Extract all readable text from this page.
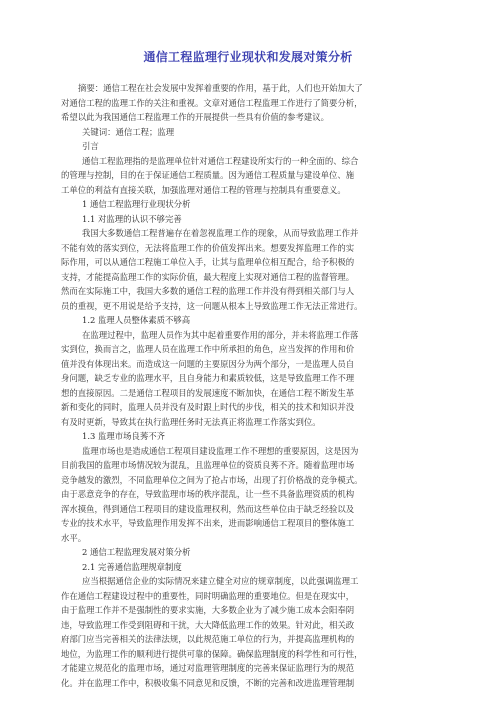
通信工程监理行业现状和发展对策分析
摘要：通信工程在社会发展中发挥着重要的作用，基于此，人们也开始加大了
对通信工程的监理工作的关注和重视。文章对通信工程监理工作进行了简要分析，
希望以此为我国通信工程监理工作的开展提供一些具有价值的参考建议。
关键词：通信工程；监理
引言
通信工程监理指的是监理单位针对通信工程建设所实行的一种全面的、综合
的管理与控制，目的在于保证通信工程质量。因为通信工程质量与建设单位、施
工单位的利益有直接关联，加强监理对通信工程的管理与控制具有重要意义。
1 通信工程监理行业现状分析
1.1 对监理的认识不够完善
我国大多数通信工程普遍存在着忽视监理工作的现象，从而导致监理工作并
不能有效的落实到位，无法将监理工作的价值发挥出来。想要发挥监理工作的实
际作用，可以从通信工程施工单位入手，让其与监理单位相互配合，给予积极的
支持，才能提高监理工作的实际价值，最大程度上实现对通信工程的监督管理。
然而在实际施工中，我国大多数的通信工程的监理工作并没有得到相关部门与人
员的重视，更不用说是给予支持，这一问题从根本上导致监理工作无法正常进行。
1.2 监理人员整体素质不够高
在监理过程中，监理人员作为其中起着重要作用的部分，并未将监理工作落
实到位，换而言之，监理人员在监理工作中所承担的角色，应当发挥的作用和价
值并没有体现出来。而造成这一问题的主要原因分为两个部分，一是监理人员自
身问题，缺乏专业的监理水平，且自身能力和素质较低，这是导致监理工作不理
想的直接原因。二是通信工程项目的发展速度不断加快，在通信工程不断发生革
新和变化的同时，监理人员并没有及时跟上时代的步伐，相关的技术和知识并没
有及时更新，导致其在执行监理任务时无法真正将监理工作落实到位。
1.3 监理市场良莠不齐
监理市场也是造成通信工程项目建设监理工作不理想的重要原因，这是因为
目前我国的监理市场情况较为混乱，且监理单位的资质良莠不齐。随着监理市场
竞争越发的激烈，不同监理单位之间为了抢占市场，出现了打价格战的竞争模式。
由于恶意竞争的存在，导致监理市场的秩序混乱，让一些不具备监理资质的机构
浑水摸鱼，得到通信工程项目的建设监理权利，然而这些单位由于缺乏经验以及
专业的技术水平，导致监理作用发挥不出来，进而影响通信工程项目的整体施工
水平。
2 通信工程监理发展对策分析
2.1 完善通信监理规章制度
应当根据通信企业的实际情况来建立健全对应的规章制度，以此强调监理工
作在通信工程建设过程中的重要性，同时明确监理的重要地位。但是在现实中，
由于监理工作并不是强制性的要求实施，大多数企业为了减少施工成本会阳奉阴
违，导致监理工作受到阻碍和干扰，大大降低监理工作的效果。针对此，相关政
府部门应当完善相关的法律法规，以此规范施工单位的行为，并提高监理机构的
地位，为监理工作的顺利进行提供可靠的保障。确保监理制度的科学性和可行性，
才能建立规范化的监理市场，通过对监理管理制度的完善来保证监理行为的规范
化。并在监理工作中，积极收集不同意见和反馈，不断的完善和改进监理管理制
